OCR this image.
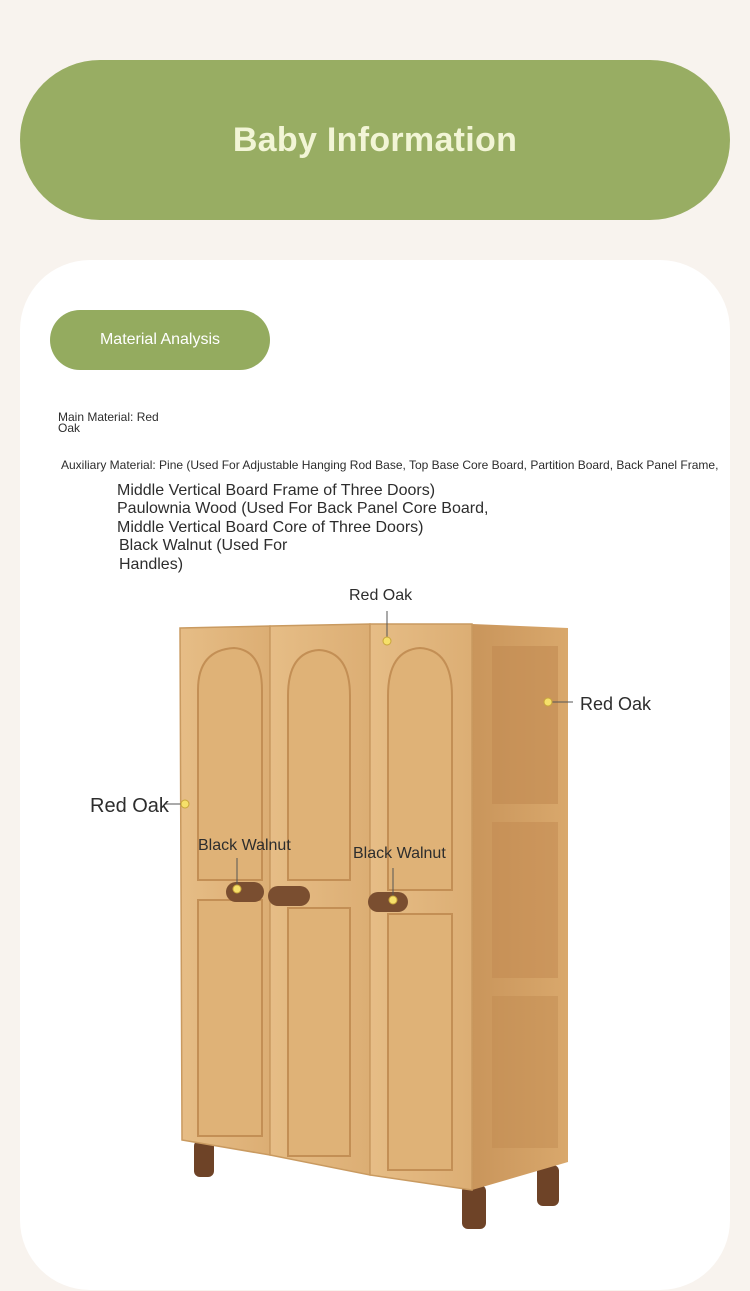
Baby Information
Material Analysis
Main Material: Red Oak
Auxiliary Material: Pine (Used For Adjustable Hanging Rod Base, Top Base Core Board, Partition Board, Back Panel Frame,
Middle Vertical Board Frame of Three Doors)
Paulownia Wood (Used For Back Panel Core Board, Middle Vertical Board Core of Three Doors)
Black Walnut (Used For Handles)
Red Oak
Red Oak
Red Oak
Black Walnut	Black Walnut
